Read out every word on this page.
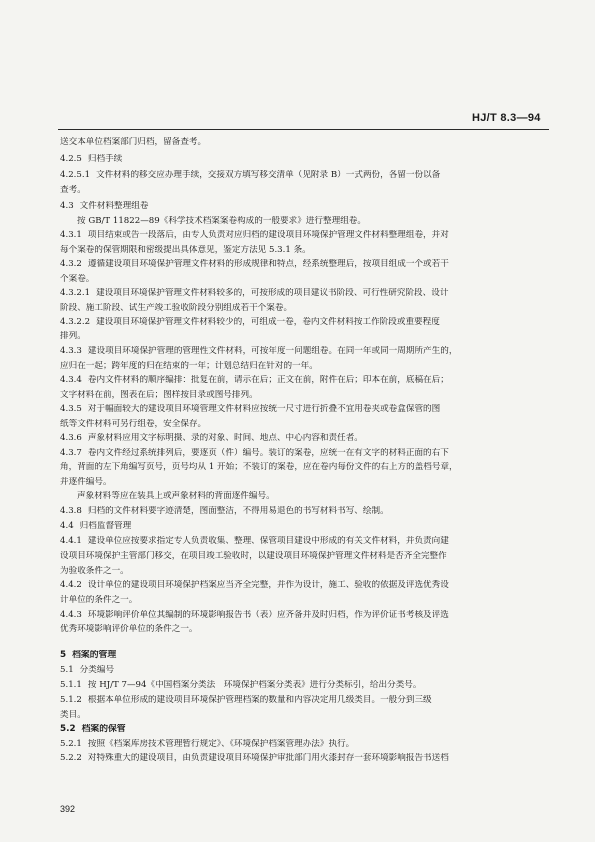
HJ/T 8.3—94
送交本单位档案部门归档，留备查考。
4.2.5 归档手续
4.2.5.1 文件材料的移交应办理手续，交接双方填写移交清单（见附录 B）一式两份，各留一份以备
查考。
4.3 文件材料整理组卷
按 GB/T 11822—89《科学技术档案案卷构成的一般要求》进行整理组卷。
4.3.1 项目结束或告一段落后，由专人负责对应归档的建设项目环境保护管理文件材料整理组卷，并对
每个案卷的保管期限和密级提出具体意见，鉴定方法见 5.3.1 条。
4.3.2 遵循建设项目环境保护管理文件材料的形成规律和特点，经系统整理后，按项目组成一个或若干
个案卷。
4.3.2.1 建设项目环境保护管理文件材料较多的，可按形成的项目建议书阶段、可行性研究阶段、设计
阶段、施工阶段、试生产竣工验收阶段分别组成若干个案卷。
4.3.2.2 建设项目环境保护管理文件材料较少的，可组成一卷，卷内文件材料按工作阶段或重要程度
排列。
4.3.3 建设项目环境保护管理的管理性文件材料，可按年度一问题组卷。在同一年或同一周期所产生的，
应归在一起；跨年度的归在结束的一年；计划总结归在针对的一年。
4.3.4 卷内文件材料的顺序编排：批复在前，请示在后；正文在前，附件在后；印本在前，底稿在后；
文字材料在前，图表在后；图样按目录或图号排列。
4.3.5 对于幅面较大的建设项目环境管理文件材料应按统一尺寸进行折叠不宜用卷夹或卷盒保管的图
纸等文件材料可另行组卷，安全保存。
4.3.6 声象材料应用文字标明摄、录的对象、时间、地点、中心内容和责任者。
4.3.7 卷内文件经过系统排列后，要逐页（件）编号。装订的案卷，应统一在有文字的材料正面的右下
角，背面的左下角编写页号，页号均从 1 开始；不装订的案卷，应在卷内每份文件的右上方的盖档号章，
并逐件编号。
声象材料等应在装具上或声象材料的背面逐件编号。
4.3.8 归档的文件材料要字迹清楚，图面整洁，不得用易退色的书写材料书写、绘制。
4.4 归档监督管理
4.4.1 建设单位应按要求指定专人负责收集、整理、保管项目建设中形成的有关文件材料，并负责向建
设项目环境保护主管部门移交，在项目竣工验收时，以建设项目环境保护管理文件材料是否齐全完整作
为验收条件之一。
4.4.2 设计单位的建设项目环境保护档案应当齐全完整，并作为设计，施工、验收的依据及评选优秀设
计单位的条件之一。
4.4.3 环境影响评价单位其编制的环境影响报告书（表）应齐备并及时归档，作为评价证书考核及评选
优秀环境影响评价单位的条件之一。
5 档案的管理
5.1 分类编号
5.1.1 按 HJ/T 7—94《中国档案分类法　环境保护档案分类表》进行分类标引，给出分类号。
5.1.2 根据本单位形成的建设项目环境保护管理档案的数量和内容决定用几级类目。一般分到三级
类目。
5.2 档案的保管
5.2.1 按照《档案库房技术管理暂行规定》、《环境保护档案管理办法》执行。
5.2.2 对特殊重大的建设项目，由负责建设项目环境保护审批部门用火漆封存一套环境影响报告书送档
392
